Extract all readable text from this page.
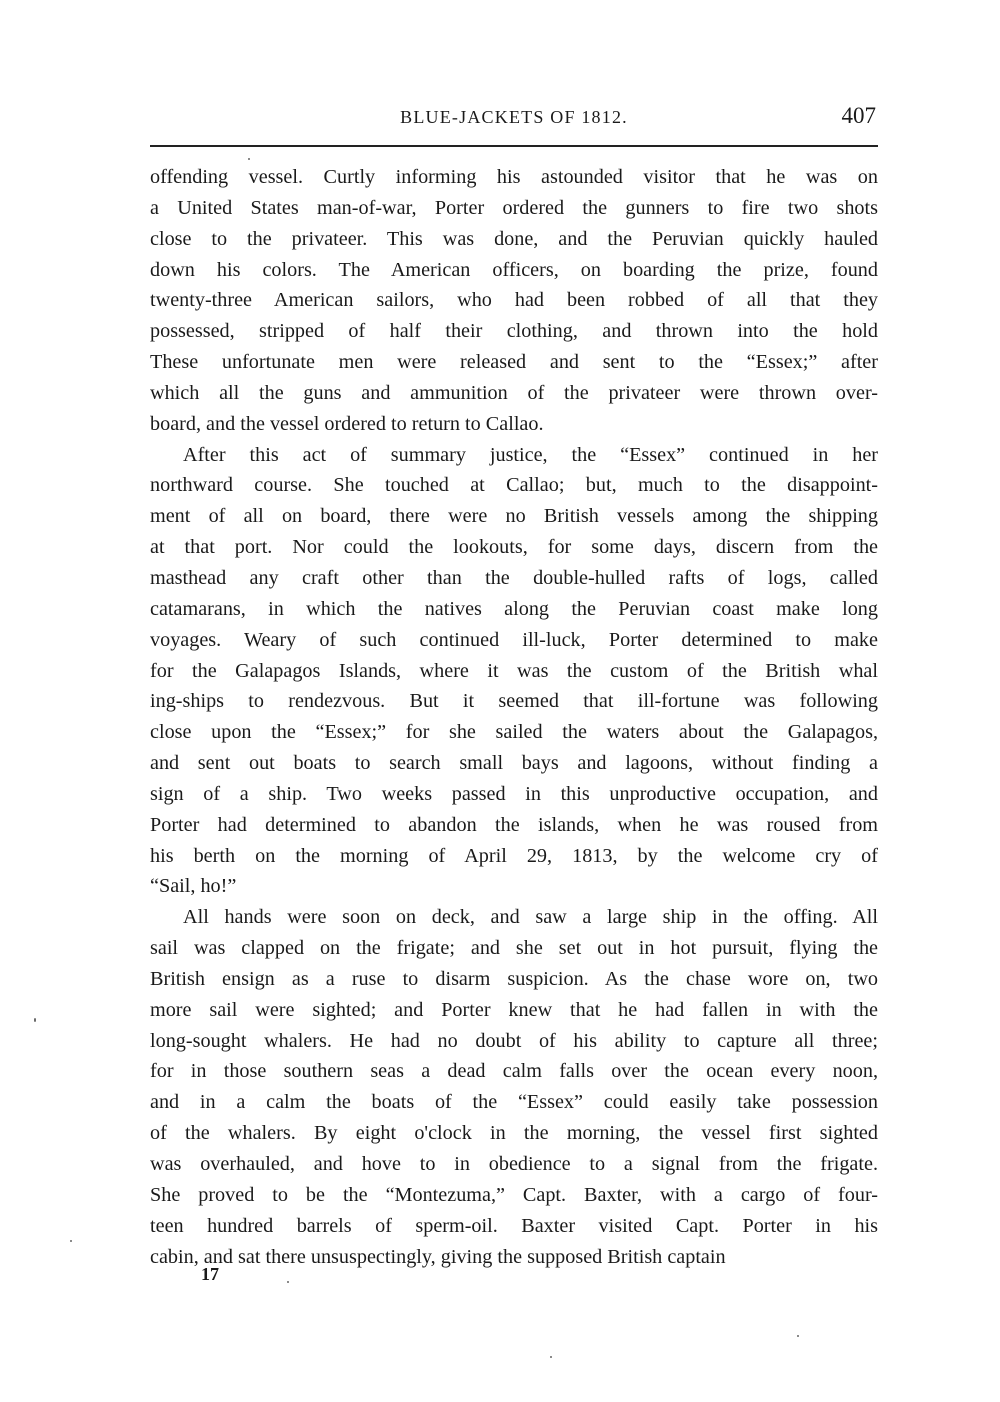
BLUE-JACKETS OF 1812.	407
offending vessel. Curtly informing his astounded visitor that he was on
a United States man-of-war, Porter ordered the gunners to fire two shots
close to the privateer. This was done, and the Peruvian quickly hauled
down his colors. The American officers, on boarding the prize, found
twenty-three American sailors, who had been robbed of all that they
possessed, stripped of half their clothing, and thrown into the hold
These unfortunate men were released and sent to the “Essex;” after
which all the guns and ammunition of the privateer were thrown over-
board, and the vessel ordered to return to Callao.
After this act of summary justice, the “Essex” continued in her
northward course. She touched at Callao; but, much to the disappoint-
ment of all on board, there were no British vessels among the shipping
at that port. Nor could the lookouts, for some days, discern from the
masthead any craft other than the double-hulled rafts of logs, called
catamarans, in which the natives along the Peruvian coast make long
voyages. Weary of such continued ill-luck, Porter determined to make
for the Galapagos Islands, where it was the custom of the British whal
ing-ships to rendezvous. But it seemed that ill-fortune was following
close upon the “Essex;” for she sailed the waters about the Galapagos,
and sent out boats to search small bays and lagoons, without finding a
sign of a ship. Two weeks passed in this unproductive occupation, and
Porter had determined to abandon the islands, when he was roused from
his berth on the morning of April 29, 1813, by the welcome cry of
“Sail, ho!”
All hands were soon on deck, and saw a large ship in the offing. All
sail was clapped on the frigate; and she set out in hot pursuit, flying the
British ensign as a ruse to disarm suspicion. As the chase wore on, two
more sail were sighted; and Porter knew that he had fallen in with the
long-sought whalers. He had no doubt of his ability to capture all three;
for in those southern seas a dead calm falls over the ocean every noon,
and in a calm the boats of the “Essex” could easily take possession
of the whalers. By eight o'clock in the morning, the vessel first sighted
was overhauled, and hove to in obedience to a signal from the frigate.
She proved to be the “Montezuma,” Capt. Baxter, with a cargo of four-
teen hundred barrels of sperm-oil. Baxter visited Capt. Porter in his
cabin, and sat there unsuspectingly, giving the supposed British captain
17
